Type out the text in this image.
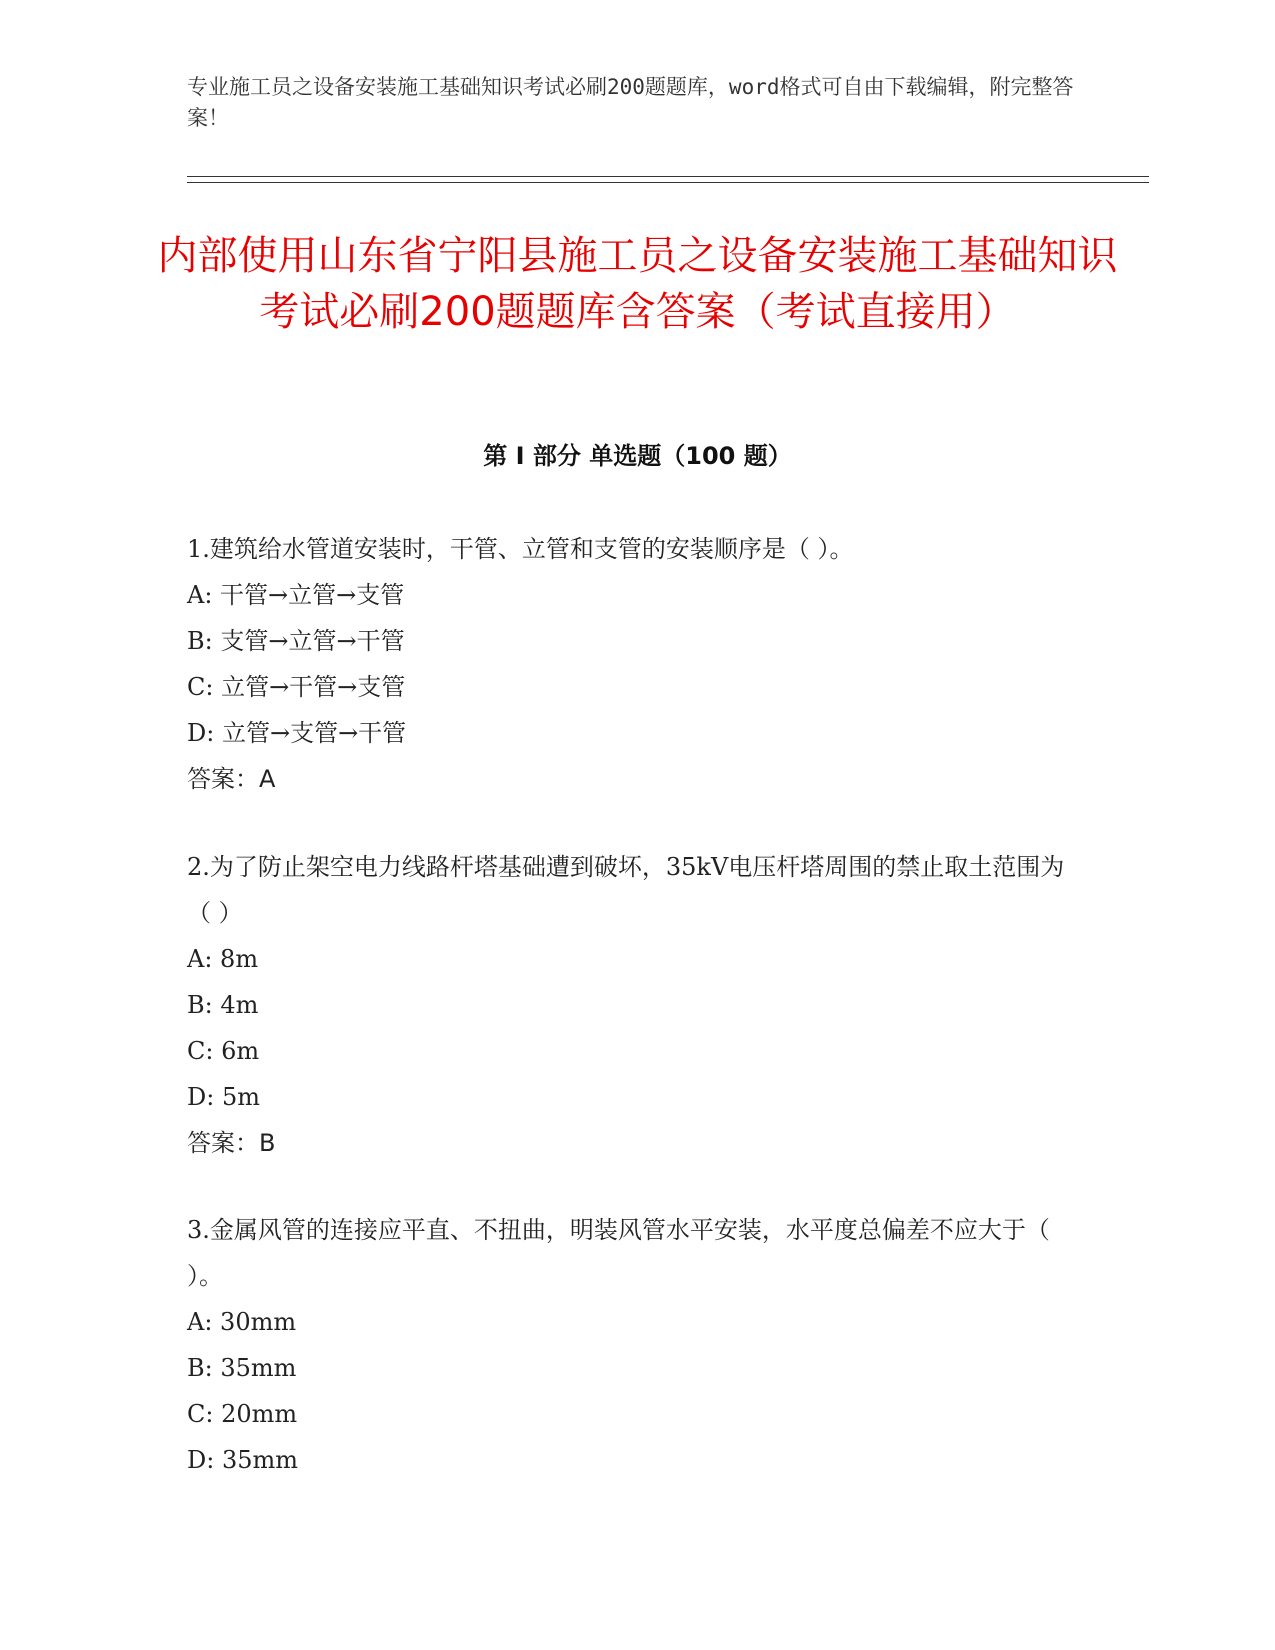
专业施工员之设备安装施工基础知识考试必刷200题题库，word格式可自由下载编辑，附完整答案！
内部使用山东省宁阳县施工员之设备安装施工基础知识考试必刷200题题库含答案（考试直接用）
第 I 部分 单选题（100 题）

1.建筑给水管道安装时，干管、立管和支管的安装顺序是（ ）。

A: 干管→立管→支管

B: 支管→立管→干管

C: 立管→干管→支管

D: 立管→支管→干管

答案：A

2.为了防止架空电力线路杆塔基础遭到破坏，35kV电压杆塔周围的禁止取土范围为（ ）

A: 8m

B: 4m

C: 6m

D: 5m

答案：B

3.金属风管的连接应平直、不扭曲，明装风管水平安装，水平度总偏差不应大于（ ）。

A: 30mm

B: 35mm

C: 20mm

D: 35mm
